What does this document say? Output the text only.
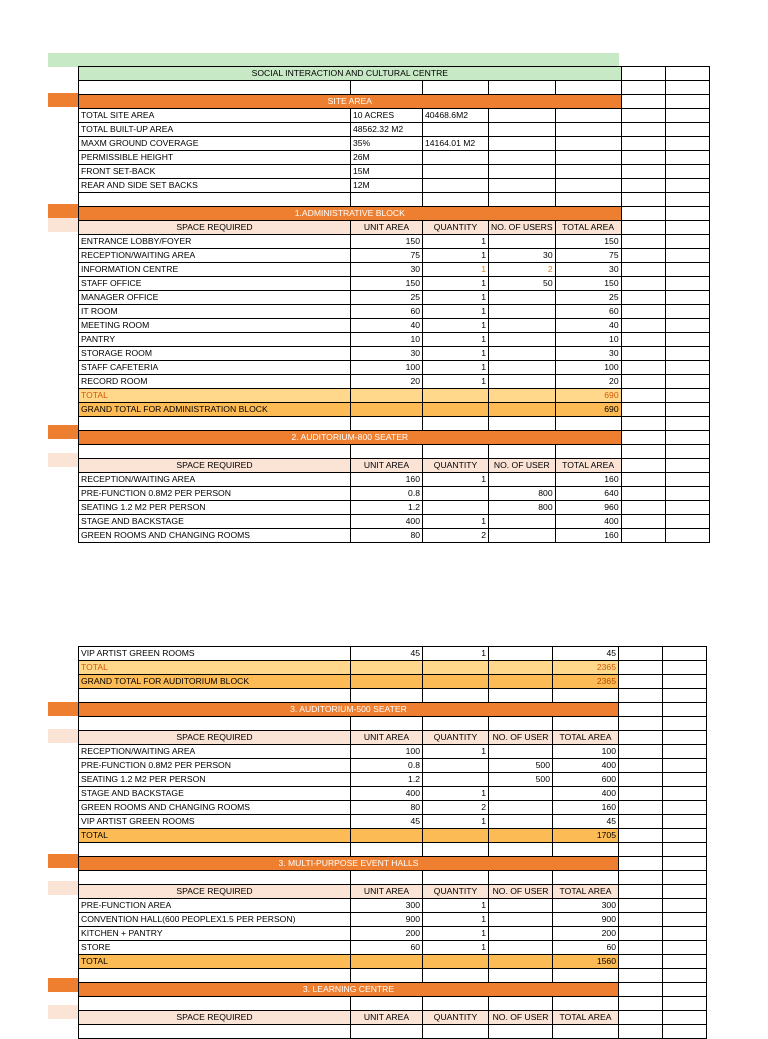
SOCIAL INTERACTION AND CULTURAL CENTRE						

SITE AREA						
TOTAL SITE AREA	10 ACRES	40468.6M2				
TOTAL BUILT-UP AREA	48562.32 M2					
MAXM GROUND COVERAGE	35%	14164.01 M2				
PERMISSIBLE HEIGHT	26M					
FRONT SET-BACK	15M					
REAR AND SIDE SET BACKS	12M					

1.ADMINISTRATIVE BLOCK						
SPACE REQUIRED	UNIT AREA	QUANTITY	NO. OF USERS	TOTAL AREA		
ENTRANCE LOBBY/FOYER	150	1		150		
RECEPTION/WAITING AREA	75	1	30	75		
INFORMATION CENTRE	30	1	2	30		
STAFF OFFICE	150	1	50	150		
MANAGER OFFICE	25	1		25		
IT ROOM	60	1		60		
MEETING ROOM	40	1		40		
PANTRY	10	1		10		
STORAGE ROOM	30	1		30		
STAFF CAFETERIA	100	1		100		
RECORD ROOM	20	1		20		
TOTAL				690		
GRAND TOTAL FOR ADMINISTRATION BLOCK				690		

2. AUDITORIUM-800 SEATER						

SPACE REQUIRED	UNIT AREA	QUANTITY	NO. OF USER	TOTAL AREA		
RECEPTION/WAITING AREA	160	1		160		
PRE-FUNCTION 0.8M2 PER PERSON	0.8		800	640		
SEATING 1.2 M2 PER PERSON	1.2		800	960		
STAGE AND BACKSTAGE	400	1		400		
GREEN ROOMS AND CHANGING ROOMS	80	2		160		
VIP ARTIST GREEN ROOMS	45	1		45		
TOTAL				2365		
GRAND TOTAL FOR AUDITORIUM BLOCK				2365		

3. AUDITORIUM-500 SEATER						

SPACE REQUIRED	UNIT AREA	QUANTITY	NO. OF USER	TOTAL AREA		
RECEPTION/WAITING AREA	100	1		100		
PRE-FUNCTION 0.8M2 PER PERSON	0.8		500	400		
SEATING 1.2 M2 PER PERSON	1.2		500	600		
STAGE AND BACKSTAGE	400	1		400		
GREEN ROOMS AND CHANGING ROOMS	80	2		160		
VIP ARTIST GREEN ROOMS	45	1		45		
TOTAL				1705		

3. MULTI-PURPOSE EVENT HALLS						

SPACE REQUIRED	UNIT AREA	QUANTITY	NO. OF USER	TOTAL AREA		
PRE-FUNCTION AREA	300	1		300		
CONVENTION HALL(600 PEOPLEX1.5 PER PERSON)	900	1		900		
KITCHEN + PANTRY	200	1		200		
STORE	60	1		60		
TOTAL				1560		

3. LEARNING CENTRE						

SPACE REQUIRED	UNIT AREA	QUANTITY	NO. OF USER	TOTAL AREA		
